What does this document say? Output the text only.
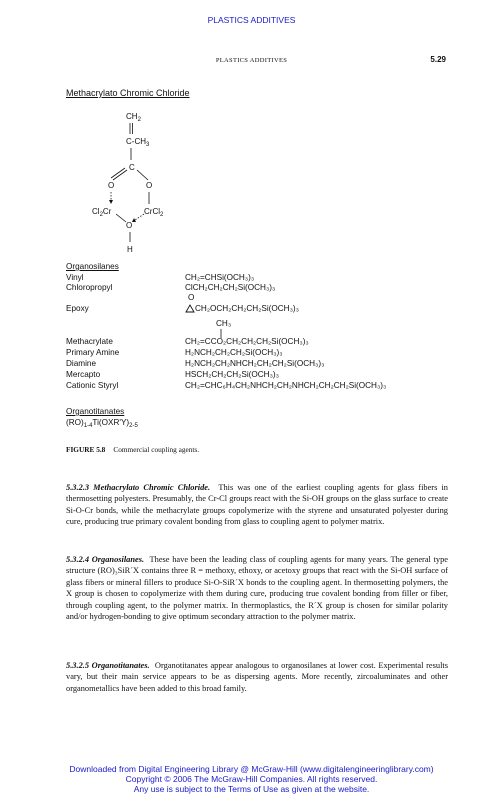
PLASTICS ADDITIVES
PLASTICS ADDITIVES	5.29
Methacrylato Chromic Chloride
$CH_2$
$C-CH_3$
C
O	O
$Cl_2Cr$	CrCl$_2$
O
H
Organosilanes
Vinyl	CH₂=CHSi(OCH₃)₃
Chloropropyl	ClCH₂CH₂CH₂Si(OCH₃)₃
O
Epoxy	CH₂OCH₂CH₂CH₂Si(OCH₃)₃
CH₃
Methacrylate	CH₂=CCO₂CH₂CH₂CH₂Si(OCH₃)₃
Primary Amine	H₂NCH₂CH₂CH₂Si(OCH₃)₃
Diamine	H₂NCH₂CH₂NHCH₂CH₂CH₂Si(OCH₃)₃
Mercapto	HSCH₂CH₂CH₂Si(OCH₃)₃
Cationic Styryl	CH₂=CHC₆H₄CH₂NHCH₂CH₂NHCH₂CH₂CH₂Si(OCH₃)₃
Organotitanates
$(RO)_{1-4}Ti(OXR'Y)_{2-5}$
FIGURE 5.8 Commercial coupling agents.
5.3.2.3 Methacrylato Chromic Chloride. This was one of the earliest coupling agents for glass fibers in thermosetting polyesters. Presumably, the Cr-Cl groups react with the Si-OH groups on the glass surface to create Si-O-Cr bonds, while the methacrylate groups copolymerize with the styrene and unsaturated polyester during cure, producing true primary covalent bonding from glass to coupling agent to polymer matrix.
5.3.2.4 Organosilanes. These have been the leading class of coupling agents for many years. The general type structure (RO)₃SiR´X contains three R = methoxy, ethoxy, or acetoxy groups that react with the Si-OH surface of glass fibers or mineral fillers to produce Si-O-SiR´X bonds to the coupling agent. In thermosetting polymers, the X group is chosen to copolymerize with them during cure, producing true covalent bonding from filler or fiber, through coupling agent, to the polymer matrix. In thermoplastics, the R´X group is chosen for similar polarity and/or hydrogen-bonding to give optimum secondary attraction to the polymer matrix.
5.3.2.5 Organotitanates. Organotitanates appear analogous to organosilanes at lower cost. Experimental results vary, but their main service appears to be as dispersing agents. More recently, zircoaluminates and other organometallics have been added to this broad family.
Downloaded from Digital Engineering Library @ McGraw-Hill (www.digitalengineeringlibrary.com)
Copyright © 2006 The McGraw-Hill Companies. All rights reserved.
Any use is subject to the Terms of Use as given at the website.
